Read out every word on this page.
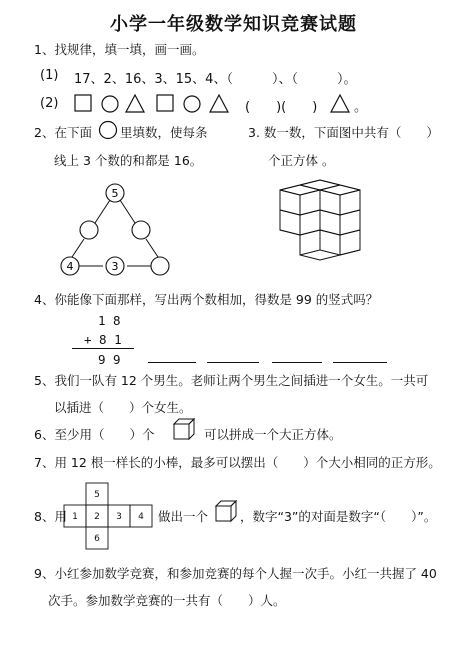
小学一年级数学知识竞赛试题
1、找规律，填一填，画一画。
(1) 17、2、16、3、15、4、（　　　）、（　　　）。
(2)	(　　)(　　)	。
2、在下面 里填数，使每条
线上 3 个数的和都是 16。
5
4	3
3. 数一数，下面图中共有（　　）
个正方体 。
4、你能像下面那样，写出两个数相加，得数是 99 的竖式吗？
1 8
+ 8 1
9 9
5、我们一队有 12 个男生。老师让两个男生之间插进一个女生。一共可
以插进（　　）个女生。
6、至少用（　　）个	可以拼成一个大正方体。
7、用 12 根一样长的小棒，最多可以摆出（　　）个大小相同的正方形。
8、用
5
1 2 3 4
6
做出一个	，数字“3”的对面是数字“（　　）”。
9、小红参加数学竞赛，和参加竞赛的每个人握一次手。小红一共握了 40
次手。参加数学竞赛的一共有（　　）人。
